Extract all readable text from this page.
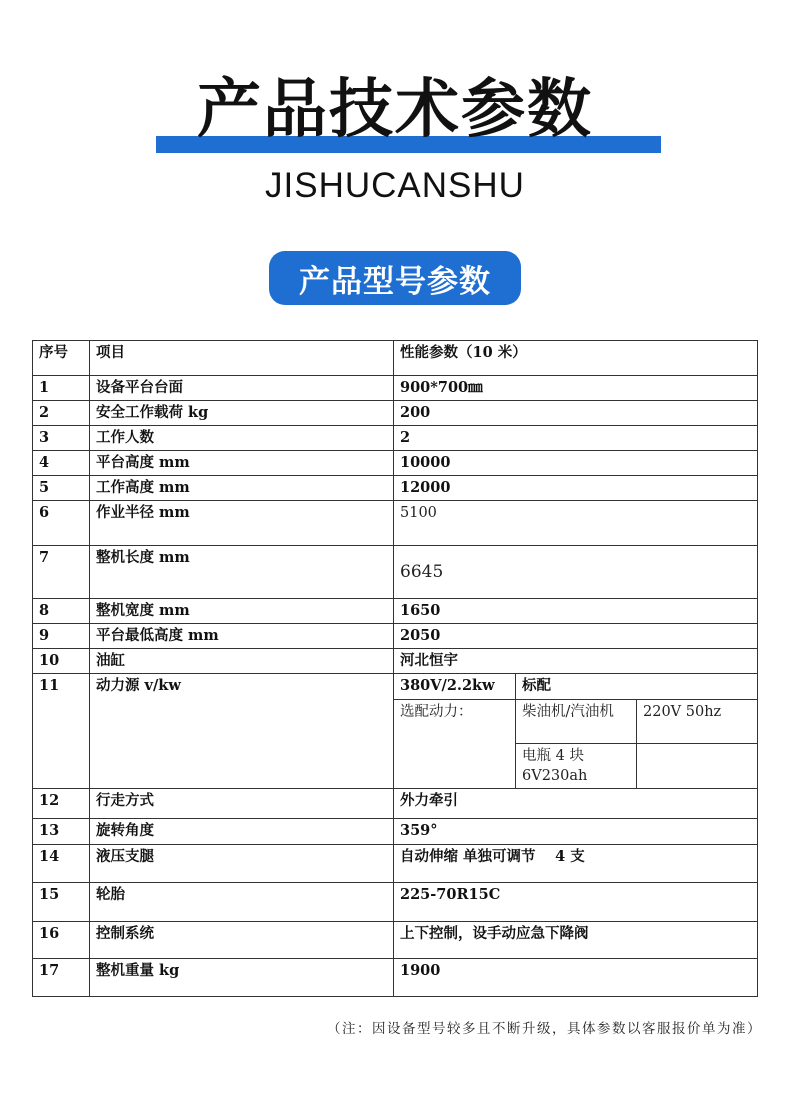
产品技术参数
JISHUCANSHU
产品型号参数
序号	项目	性能参数（10 米）		
1	设备平台台面	900*700㎜		
2	安全工作载荷 kg	200		
3	工作人数	2		
4	平台高度 mm	10000		
5	工作高度 mm	12000		
6	作业半径 mm	5100		
7	整机长度 mm	6645		
8	整机宽度 mm	1650		
9	平台最低高度 mm	2050		
10	油缸	河北恒宇		
11	动力源 v/kw	380V/2.2kw	标配	
		选配动力：	柴油机/汽油机	220V 50hz
			电瓶 4 块 6V230ah	
12	行走方式	外力牵引		
13	旋转角度	359°		
14	液压支腿	自动伸缩 单独可调节 　4 支		
15	轮胎	225-70R15C		
16	控制系统	上下控制，设手动应急下降阀		
17	整机重量 kg	1900		
（注：因设备型号较多且不断升级，具体参数以客服报价单为准）
